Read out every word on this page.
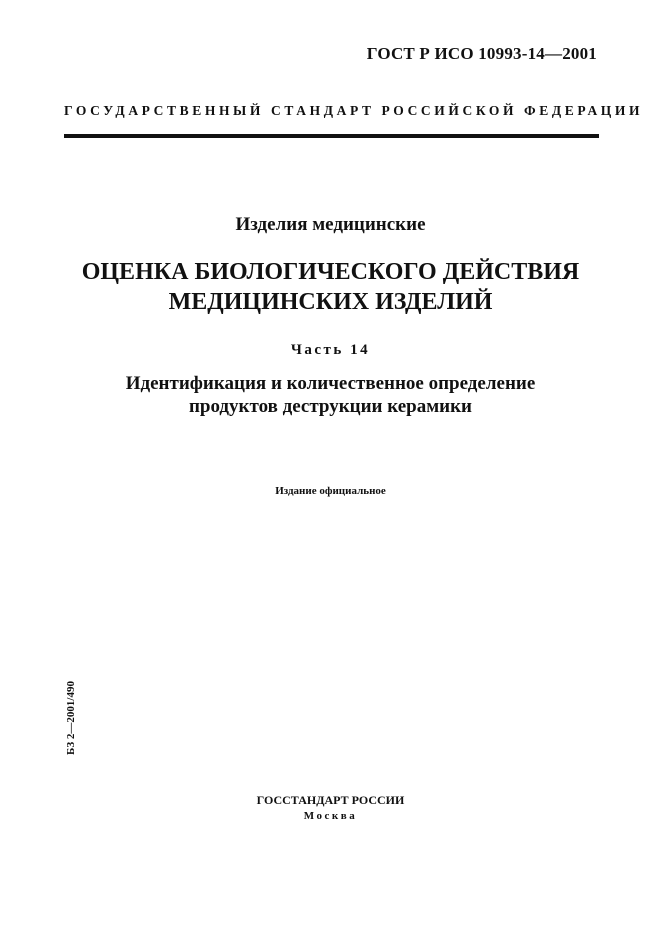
ГОСТ Р ИСО 10993-14—2001
ГОСУДАРСТВЕННЫЙ СТАНДАРТ РОССИЙСКОЙ ФЕДЕРАЦИИ
Изделия медицинские
ОЦЕНКА БИОЛОГИЧЕСКОГО ДЕЙСТВИЯ
МЕДИЦИНСКИХ ИЗДЕЛИЙ
Часть 14
Идентификация и количественное определение
продуктов деструкции керамики
Издание официальное
БЗ 2—2001/490
ГОССТАНДАРТ РОССИИ
Москва
